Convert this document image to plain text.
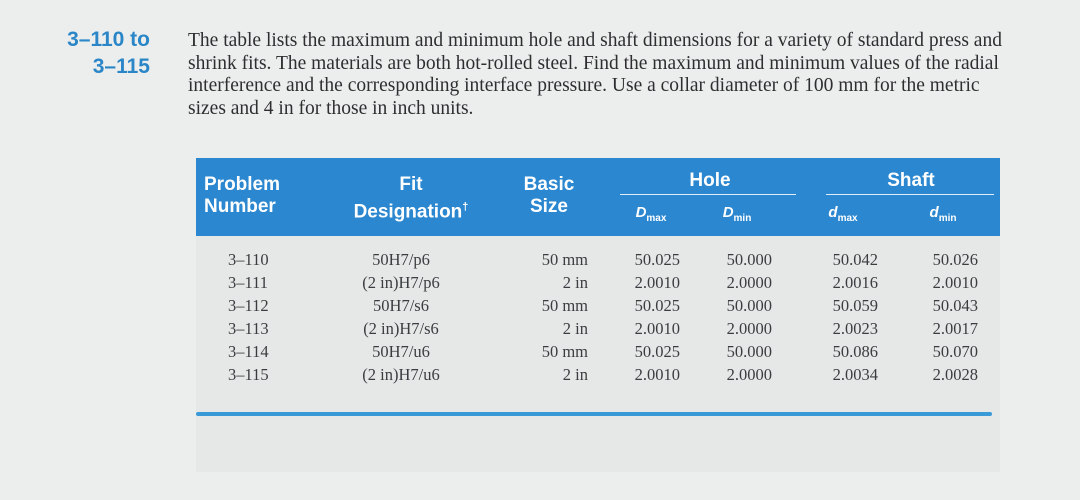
3–110 to
3–115
The table lists the maximum and minimum hole and shaft dimensions for a variety of standard press and shrink fits. The materials are both hot-rolled steel. Find the maximum and minimum values of the radial interference and the corresponding interface pressure. Use a collar diameter of 100 mm for the metric sizes and 4 in for those in inch units.
Problem
Number
Fit
Designation†
Basic
Size
Hole	Shaft
$D_{max}$	$D_{min}$	$d_{max}$	$d_{min}$
3–110	50H7/p6	50 mm	50.025	50.000	50.042	50.026
3–111	(2 in)H7/p6	2 in	2.0010	2.0000	2.0016	2.0010
3–112	50H7/s6	50 mm	50.025	50.000	50.059	50.043
3–113	(2 in)H7/s6	2 in	2.0010	2.0000	2.0023	2.0017
3–114	50H7/u6	50 mm	50.025	50.000	50.086	50.070
3–115	(2 in)H7/u6	2 in	2.0010	2.0000	2.0034	2.0028
